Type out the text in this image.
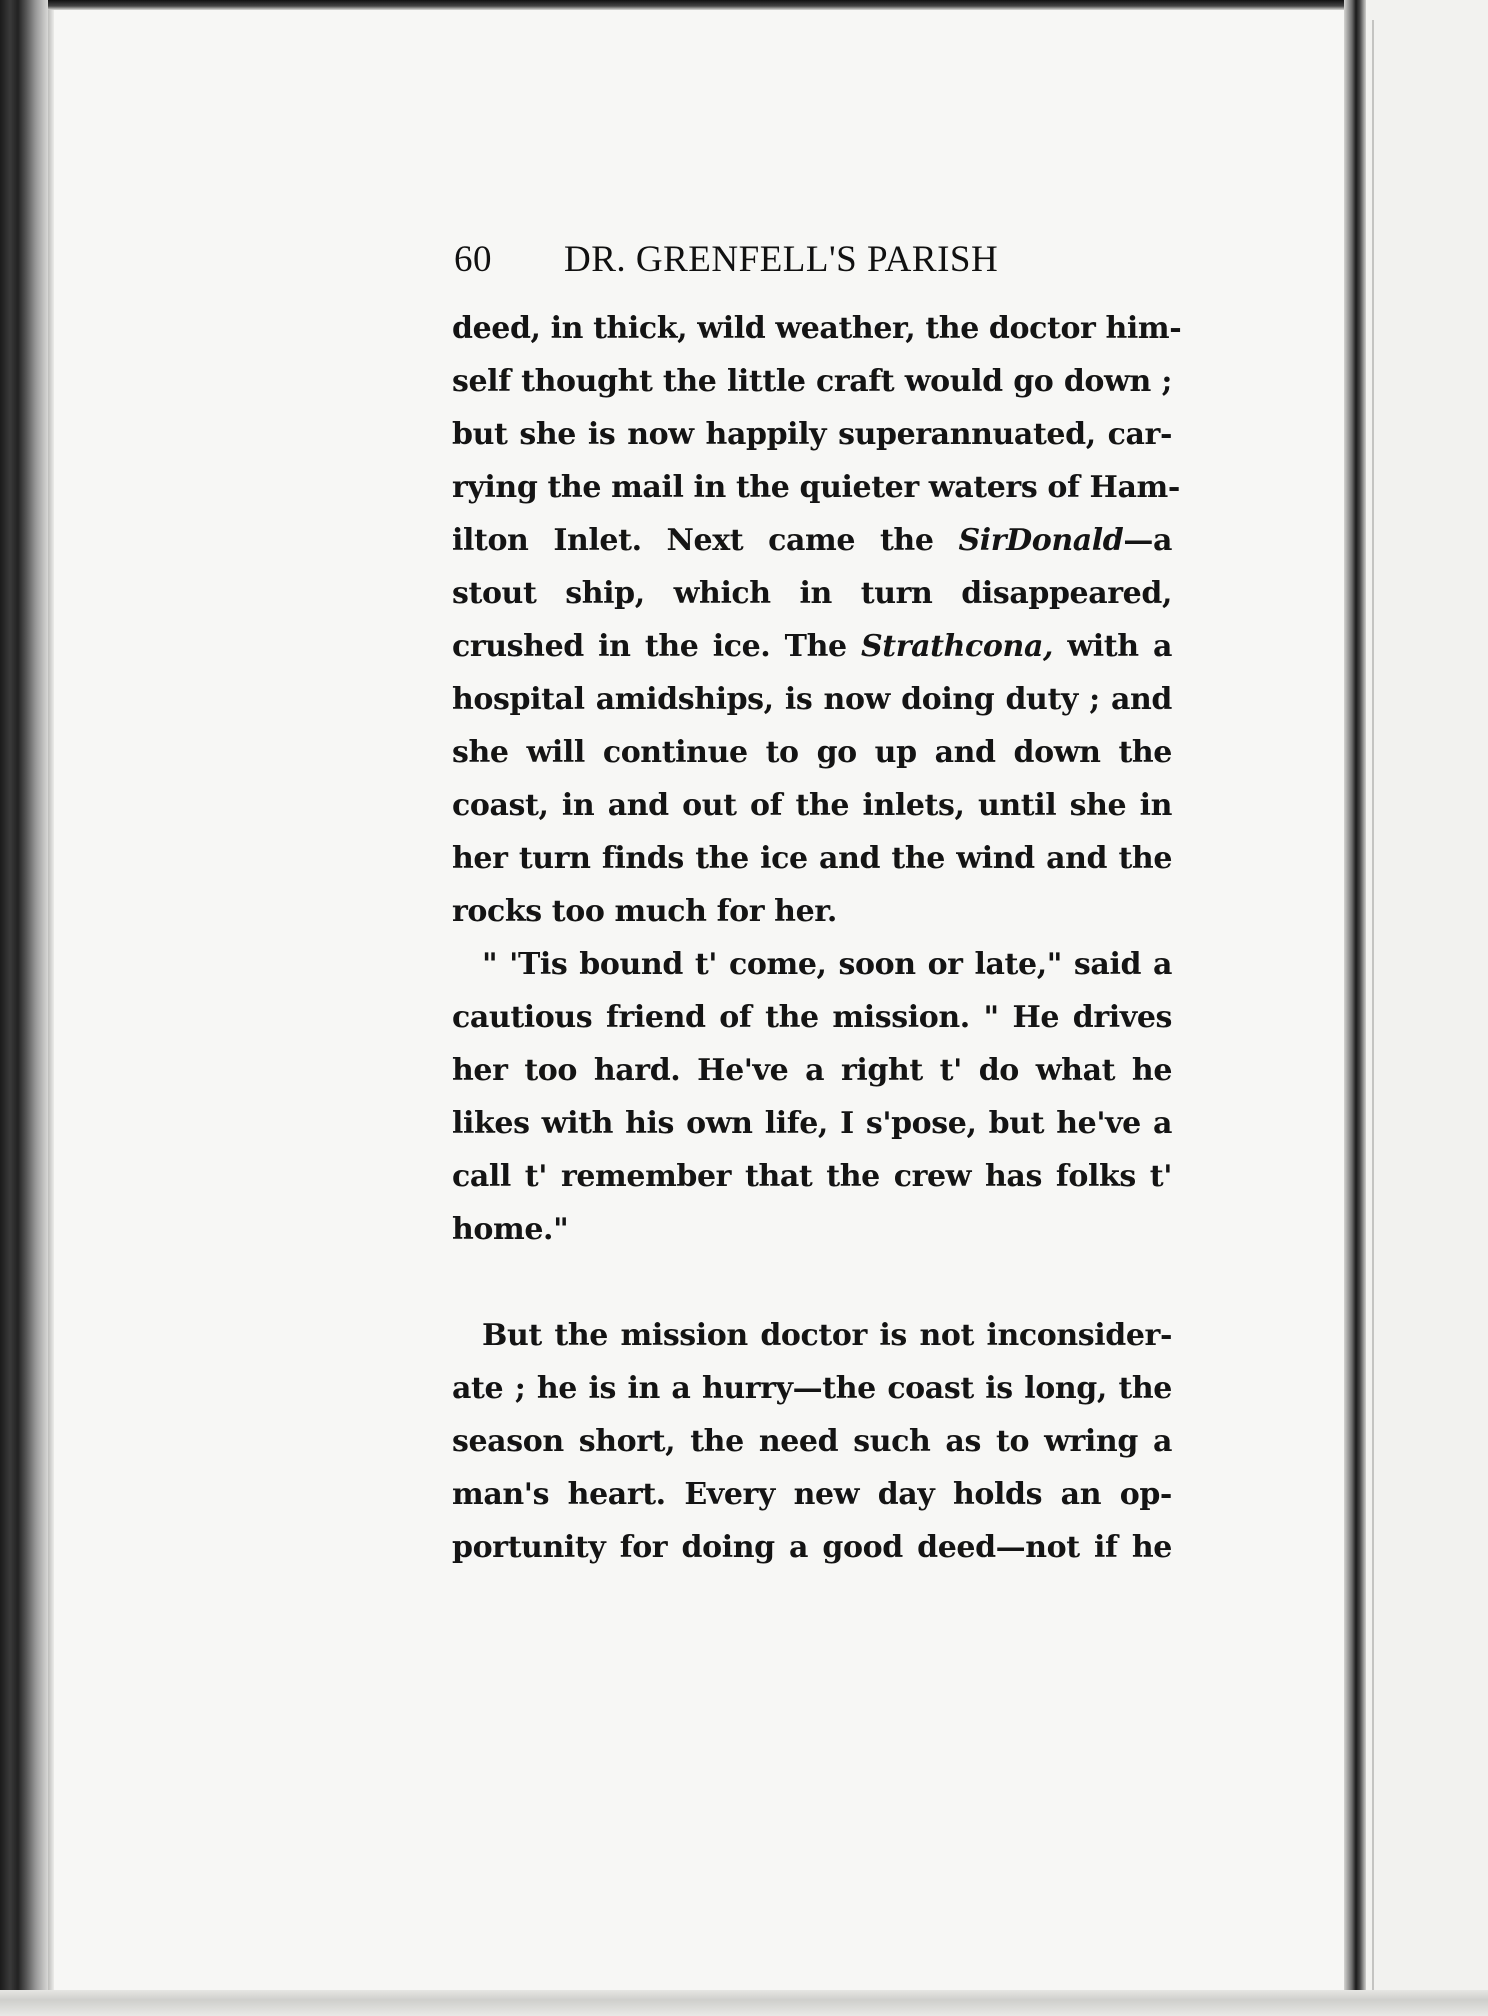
60 DR. GRENFELL'S PARISH
deed, in thick, wild weather, the doctor him-
self thought the little craft would go down ;
but she is now happily superannuated, car-
rying the mail in the quieter waters of Ham-
ilton Inlet. Next came the SirDonald—a
stout ship, which in turn disappeared,
crushed in the ice. The Strathcona, with a
hospital amidships, is now doing duty ; and
she will continue to go up and down the
coast, in and out of the inlets, until she in
her turn finds the ice and the wind and the
rocks too much for her.
" 'Tis bound t' come, soon or late," said a
cautious friend of the mission. " He drives
her too hard. He've a right t' do what he
likes with his own life, I s'pose, but he've a
call t' remember that the crew has folks t'
home."
But the mission doctor is not inconsider-
ate ; he is in a hurry—the coast is long, the
season short, the need such as to wring a
man's heart. Every new day holds an op-
portunity for doing a good deed—not if he
